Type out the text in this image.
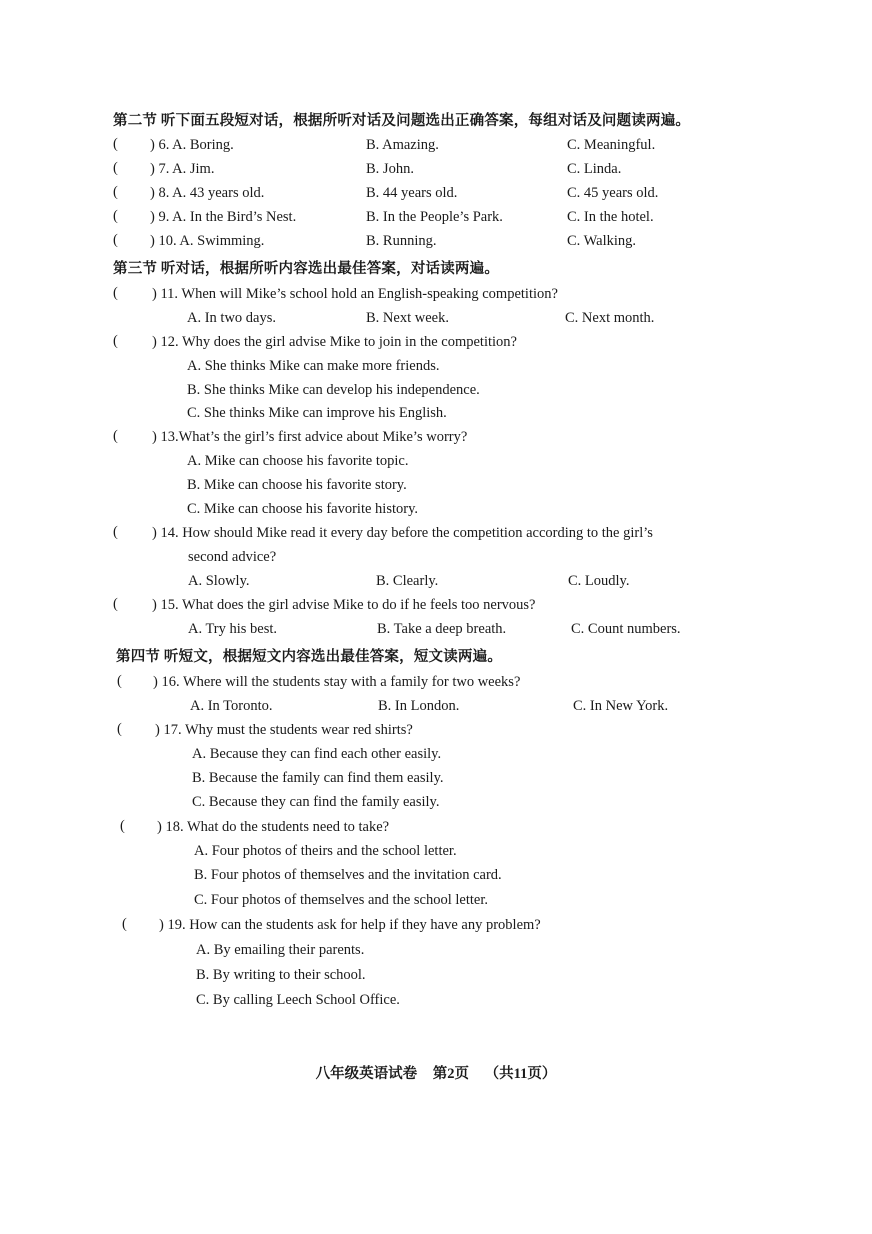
第二节 听下面五段短对话，根据所听对话及问题选出正确答案，每组对话及问题读两遍。
( ) 6. A. Boring.	B. Amazing.	C. Meaningful.
( ) 7. A. Jim.	B. John.	C. Linda.
( ) 8. A. 43 years old.	B. 44 years old.	C. 45 years old.
( ) 9. A. In the Bird’s Nest.	B. In the People’s Park.	C. In the hotel.
( ) 10. A. Swimming.	B. Running.	C. Walking.
第三节 听对话，根据所听内容选出最佳答案，对话读两遍。
( ) 11. When will Mike’s school hold an English-speaking competition?
A. In two days.	B. Next week.	C. Next month.
( ) 12. Why does the girl advise Mike to join in the competition?
A. She thinks Mike can make more friends.
B. She thinks Mike can develop his independence.
C. She thinks Mike can improve his English.
( ) 13.What’s the girl’s first advice about Mike’s worry?
A. Mike can choose his favorite topic.
B. Mike can choose his favorite story.
C. Mike can choose his favorite history.
( ) 14. How should Mike read it every day before the competition according to the girl’s
second advice?
A. Slowly.	B. Clearly.	C. Loudly.
( ) 15. What does the girl advise Mike to do if he feels too nervous?
A. Try his best.	B. Take a deep breath.	C. Count numbers.
第四节 听短文，根据短文内容选出最佳答案，短文读两遍。
( ) 16. Where will the students stay with a family for two weeks?
A. In Toronto.	B. In London.	C. In New York.
( ) 17. Why must the students wear red shirts?
A. Because they can find each other easily.
B. Because the family can find them easily.
C. Because they can find the family easily.
( ) 18. What do the students need to take?
A. Four photos of theirs and the school letter.
B. Four photos of themselves and the invitation card.
C. Four photos of themselves and the school letter.
( ) 19. How can the students ask for help if they have any problem?
A. By emailing their parents.
B. By writing to their school.
C. By calling Leech School Office.
八年级英语试卷 第2页 （共11页）
